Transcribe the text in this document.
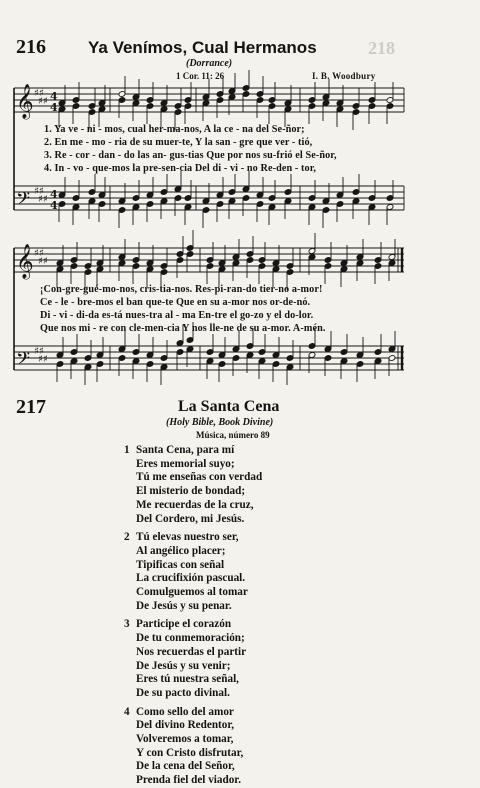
218
216 Ya Venímos, Cual Hermanos
(Dorrance)
1 Cor. 11: 26	I. B. Woodbury
𝄞
𝄞
𝄢
𝄢
♯♯
♯♯
♯♯
♯♯
♯♯
♯♯
♯♯
♯♯
4
4
4
4
1. Ya ve - ni - mos, cual her-ma-nos, A la ce - na del Se-ñor;
2. En me - mo - ria de su muer-te, Y la san - gre que ver - tió,
3. Re - cor - dan - do las an- gus-tias Que por nos su-frió el Se-ñor,
4. In - vo - que-mos la pre-sen-cia Del di - vi - no Re-den - tor,
¡Con-gre-gué-mo-nos, cris-tia-nos. Res-pi-ran-do tier-no a-mor!
Ce - le - bre-mos el ban que-te Que en su a-mor nos or-de-nó.
Di - vi - di-da es-tá nues-tra al - ma En-tre el go-zo y el do-lor.
Que nos mi - re con cle-men-cia Y nos lle-ne de su a-mor. A-mén.
217	La Santa Cena
(Holy Bible, Book Divine)
Música, número 89
1 Santa Cena, para mí
Eres memorial suyo;
Tú me enseñas con verdad
El misterio de bondad;
Me recuerdas de la cruz,
Del Cordero, mi Jesús.
2 Tú elevas nuestro ser,
Al angélico placer;
Tipificas con señal
La crucifixión pascual.
Comulguemos al tomar
De Jesús y su penar.
3 Participe el corazón
De tu conmemoración;
Nos recuerdas el partir
De Jesús y su venir;
Eres tú nuestra señal,
De su pacto divinal.
4 Como sello del amor
Del divino Redentor,
Volveremos a tomar,
Y con Cristo disfrutar,
De la cena del Señor,
Prenda fiel del viador.
